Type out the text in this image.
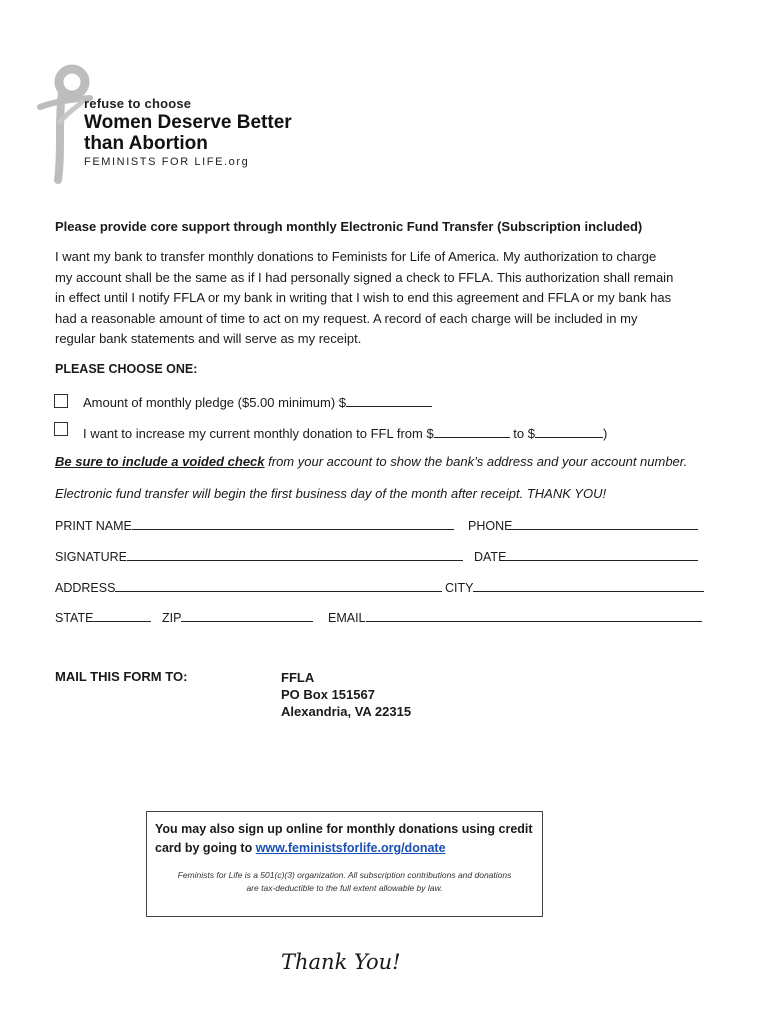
refuse to choose
Women Deserve Better
than Abortion
FEMINISTS FOR LIFE.org
Please provide core support through monthly Electronic Fund Transfer (Subscription included)
I want my bank to transfer monthly donations to Feminists for Life of America. My authorization to charge
my account shall be the same as if I had personally signed a check to FFLA. This authorization shall remain
in effect until I notify FFLA or my bank in writing that I wish to end this agreement and FFLA or my bank has
had a reasonable amount of time to act on my request. A record of each charge will be included in my
regular bank statements and will serve as my receipt.
PLEASE CHOOSE ONE:
Amount of monthly pledge ($5.00 minimum) $
I want to increase my current monthly donation to FFL from $	to $	)
Be sure to include a voided check from your account to show the bank’s address and your account number.
Electronic fund transfer will begin the first business day of the month after receipt. THANK YOU!
PRINT NAME	PHONE
SIGNATURE	DATE
ADDRESS	CITY
STATE	ZIP	EMAIL
MAIL THIS FORM TO:	FFLA
PO Box 151567
Alexandria, VA 22315
You may also sign up online for monthly donations using credit
card by going to www.feministsforlife.org/donate
Feminists for Life is a 501(c)(3) organization. All subscription contributions and donations
are tax-deductible to the full extent allowable by law.
Thank You!
